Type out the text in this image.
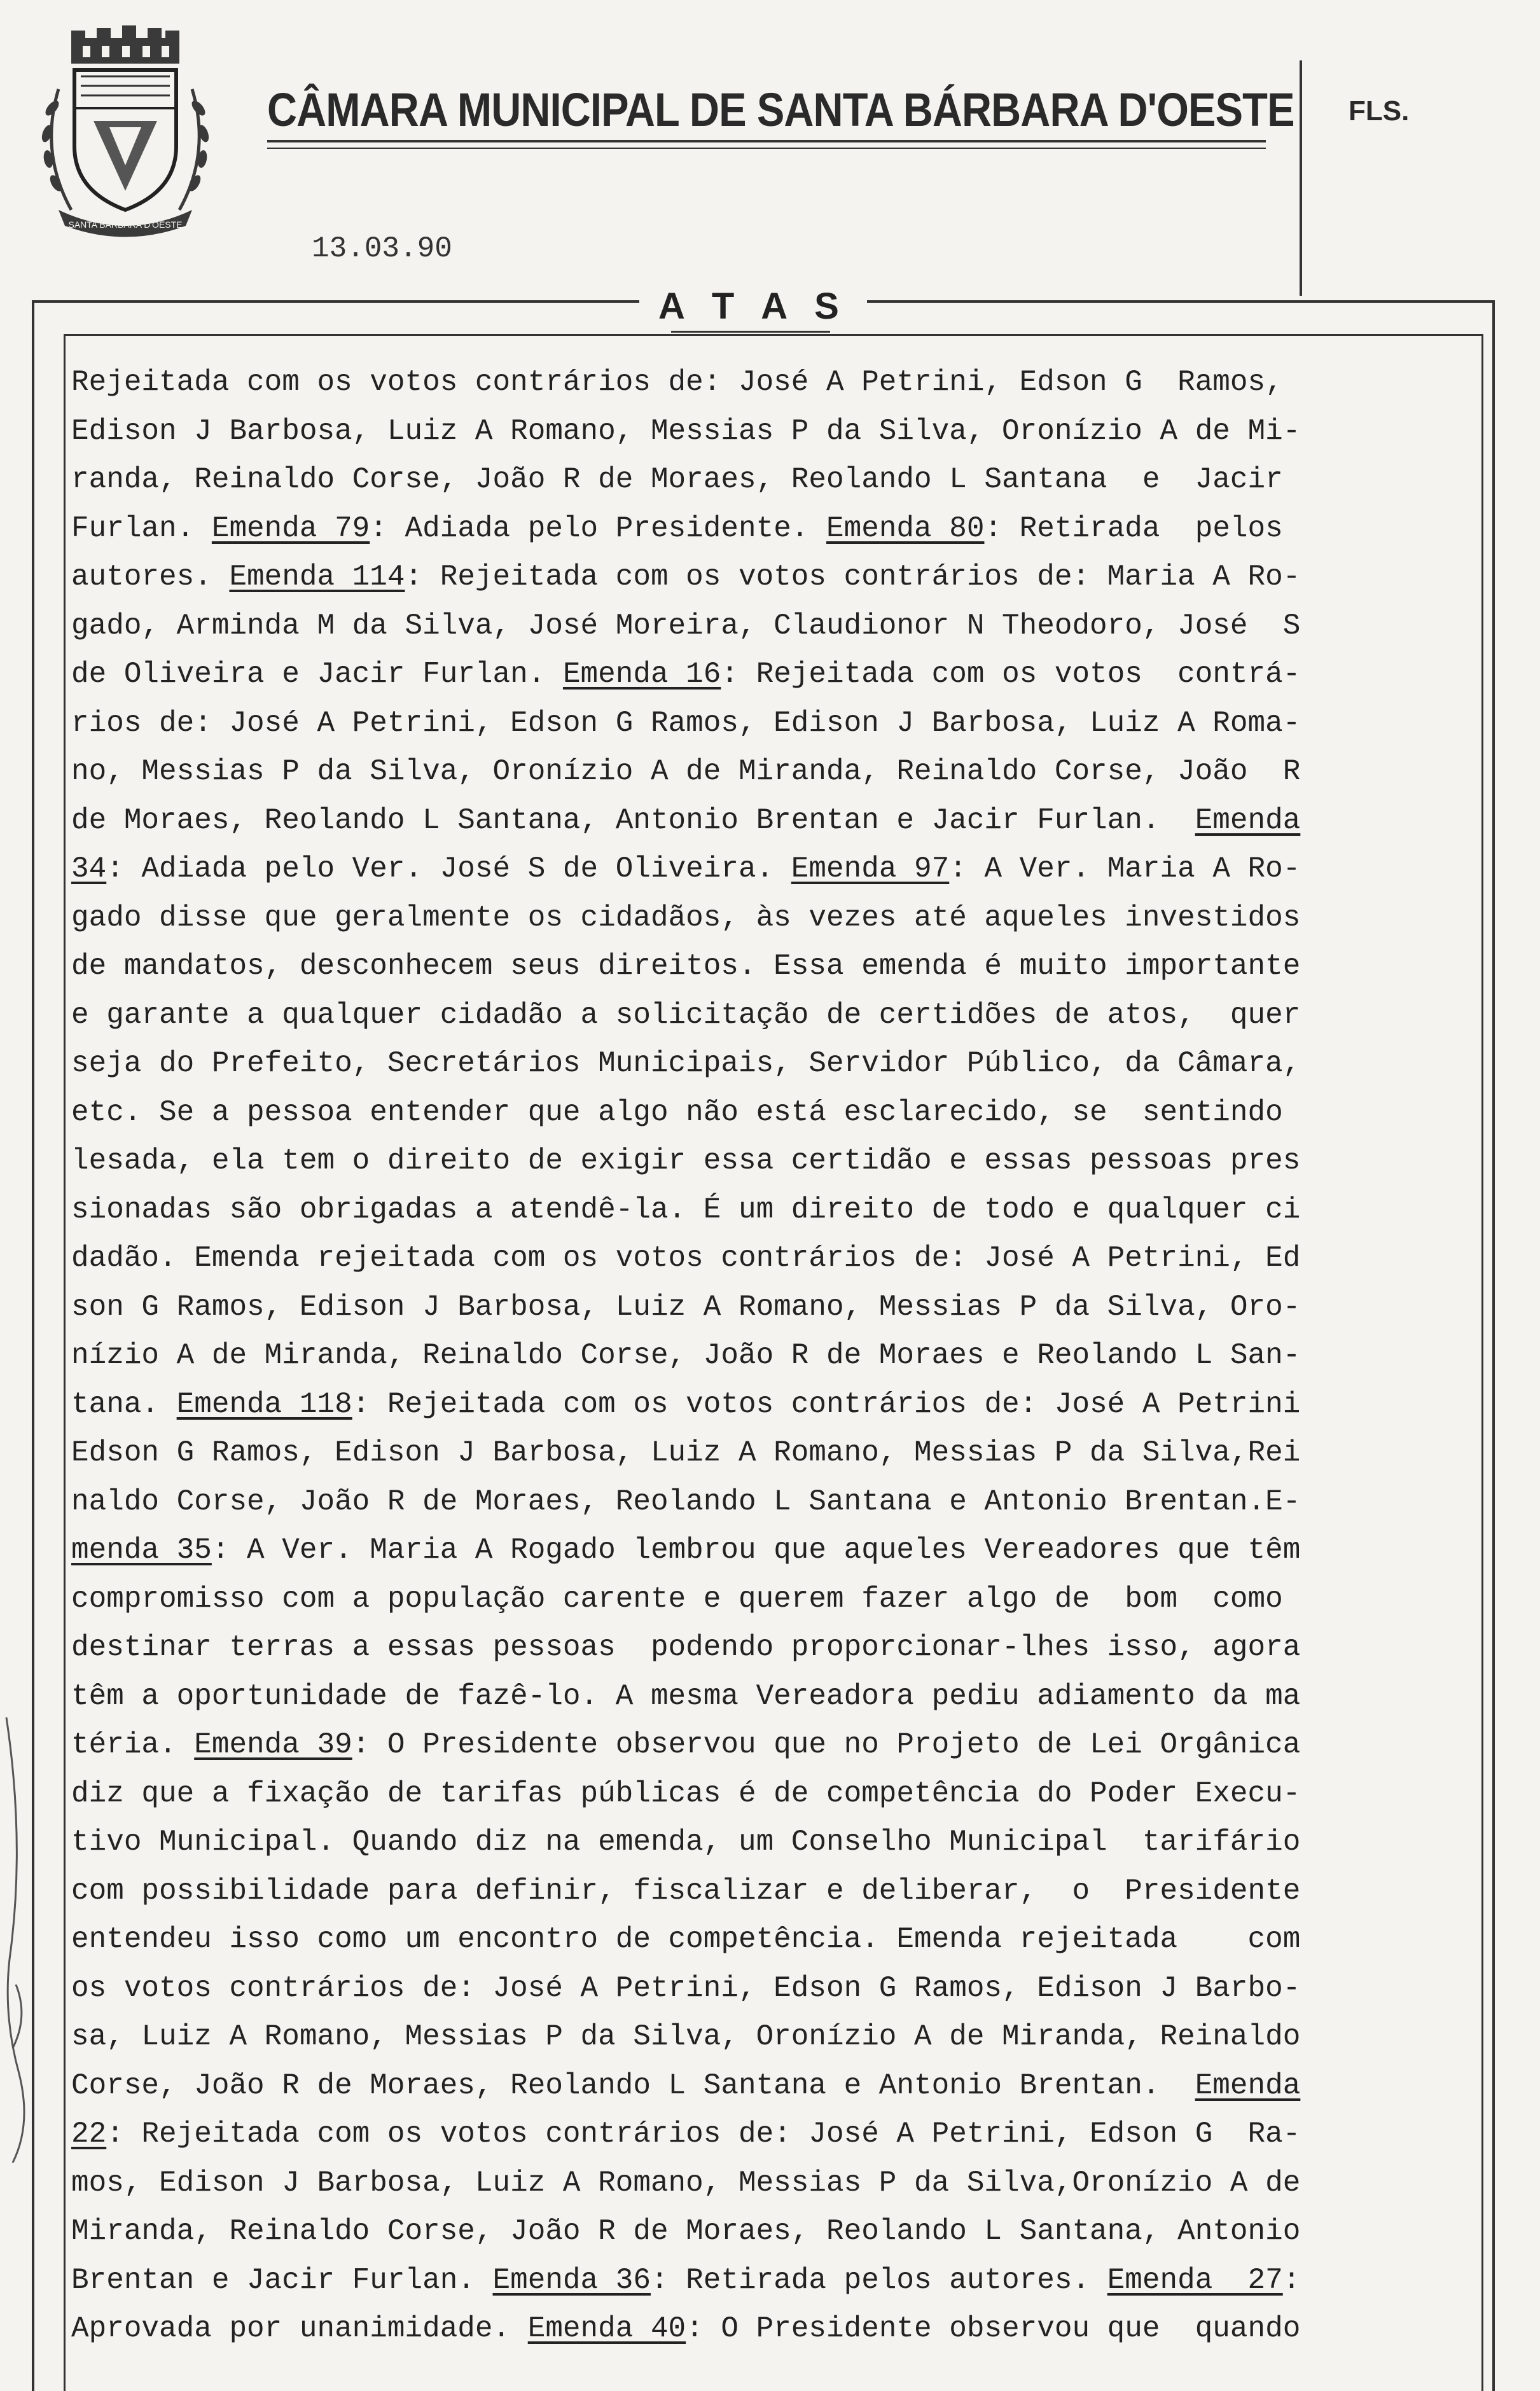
SANTA BARBARA D'OESTE
CÂMARA MUNICIPAL DE SANTA BÁRBARA D'OESTE FLS.
13.03.90
A T A S
Rejeitada com os votos contrários de: José A Petrini, Edson G  Ramos,
Edison J Barbosa, Luiz A Romano, Messias P da Silva, Oronízio A de Mi-
randa, Reinaldo Corse, João R de Moraes, Reolando L Santana  e  Jacir
Furlan. Emenda 79: Adiada pelo Presidente. Emenda 80: Retirada  pelos
autores. Emenda 114: Rejeitada com os votos contrários de: Maria A Ro-
gado, Arminda M da Silva, José Moreira, Claudionor N Theodoro, José  S
de Oliveira e Jacir Furlan. Emenda 16: Rejeitada com os votos  contrá-
rios de: José A Petrini, Edson G Ramos, Edison J Barbosa, Luiz A Roma-
no, Messias P da Silva, Oronízio A de Miranda, Reinaldo Corse, João  R
de Moraes, Reolando L Santana, Antonio Brentan e Jacir Furlan.  Emenda
34: Adiada pelo Ver. José S de Oliveira. Emenda 97: A Ver. Maria A Ro-
gado disse que geralmente os cidadãos, às vezes até aqueles investidos
de mandatos, desconhecem seus direitos. Essa emenda é muito importante
e garante a qualquer cidadão a solicitação de certidões de atos,  quer
seja do Prefeito, Secretários Municipais, Servidor Público, da Câmara,
etc. Se a pessoa entender que algo não está esclarecido, se  sentindo
lesada, ela tem o direito de exigir essa certidão e essas pessoas pres
sionadas são obrigadas a atendê-la. É um direito de todo e qualquer ci
dadão. Emenda rejeitada com os votos contrários de: José A Petrini, Ed
son G Ramos, Edison J Barbosa, Luiz A Romano, Messias P da Silva, Oro-
nízio A de Miranda, Reinaldo Corse, João R de Moraes e Reolando L San-
tana. Emenda 118: Rejeitada com os votos contrários de: José A Petrini
Edson G Ramos, Edison J Barbosa, Luiz A Romano, Messias P da Silva,Rei
naldo Corse, João R de Moraes, Reolando L Santana e Antonio Brentan.E-
menda 35: A Ver. Maria A Rogado lembrou que aqueles Vereadores que têm
compromisso com a população carente e querem fazer algo de  bom  como
destinar terras a essas pessoas  podendo proporcionar-lhes isso, agora
têm a oportunidade de fazê-lo. A mesma Vereadora pediu adiamento da ma
téria. Emenda 39: O Presidente observou que no Projeto de Lei Orgânica
diz que a fixação de tarifas públicas é de competência do Poder Execu-
tivo Municipal. Quando diz na emenda, um Conselho Municipal  tarifário
com possibilidade para definir, fiscalizar e deliberar,  o  Presidente
entendeu isso como um encontro de competência. Emenda rejeitada    com
os votos contrários de: José A Petrini, Edson G Ramos, Edison J Barbo-
sa, Luiz A Romano, Messias P da Silva, Oronízio A de Miranda, Reinaldo
Corse, João R de Moraes, Reolando L Santana e Antonio Brentan.  Emenda
22: Rejeitada com os votos contrários de: José A Petrini, Edson G  Ra-
mos, Edison J Barbosa, Luiz A Romano, Messias P da Silva,Oronízio A de
Miranda, Reinaldo Corse, João R de Moraes, Reolando L Santana, Antonio
Brentan e Jacir Furlan. Emenda 36: Retirada pelos autores. Emenda  27:
Aprovada por unanimidade. Emenda 40: O Presidente observou que  quando
